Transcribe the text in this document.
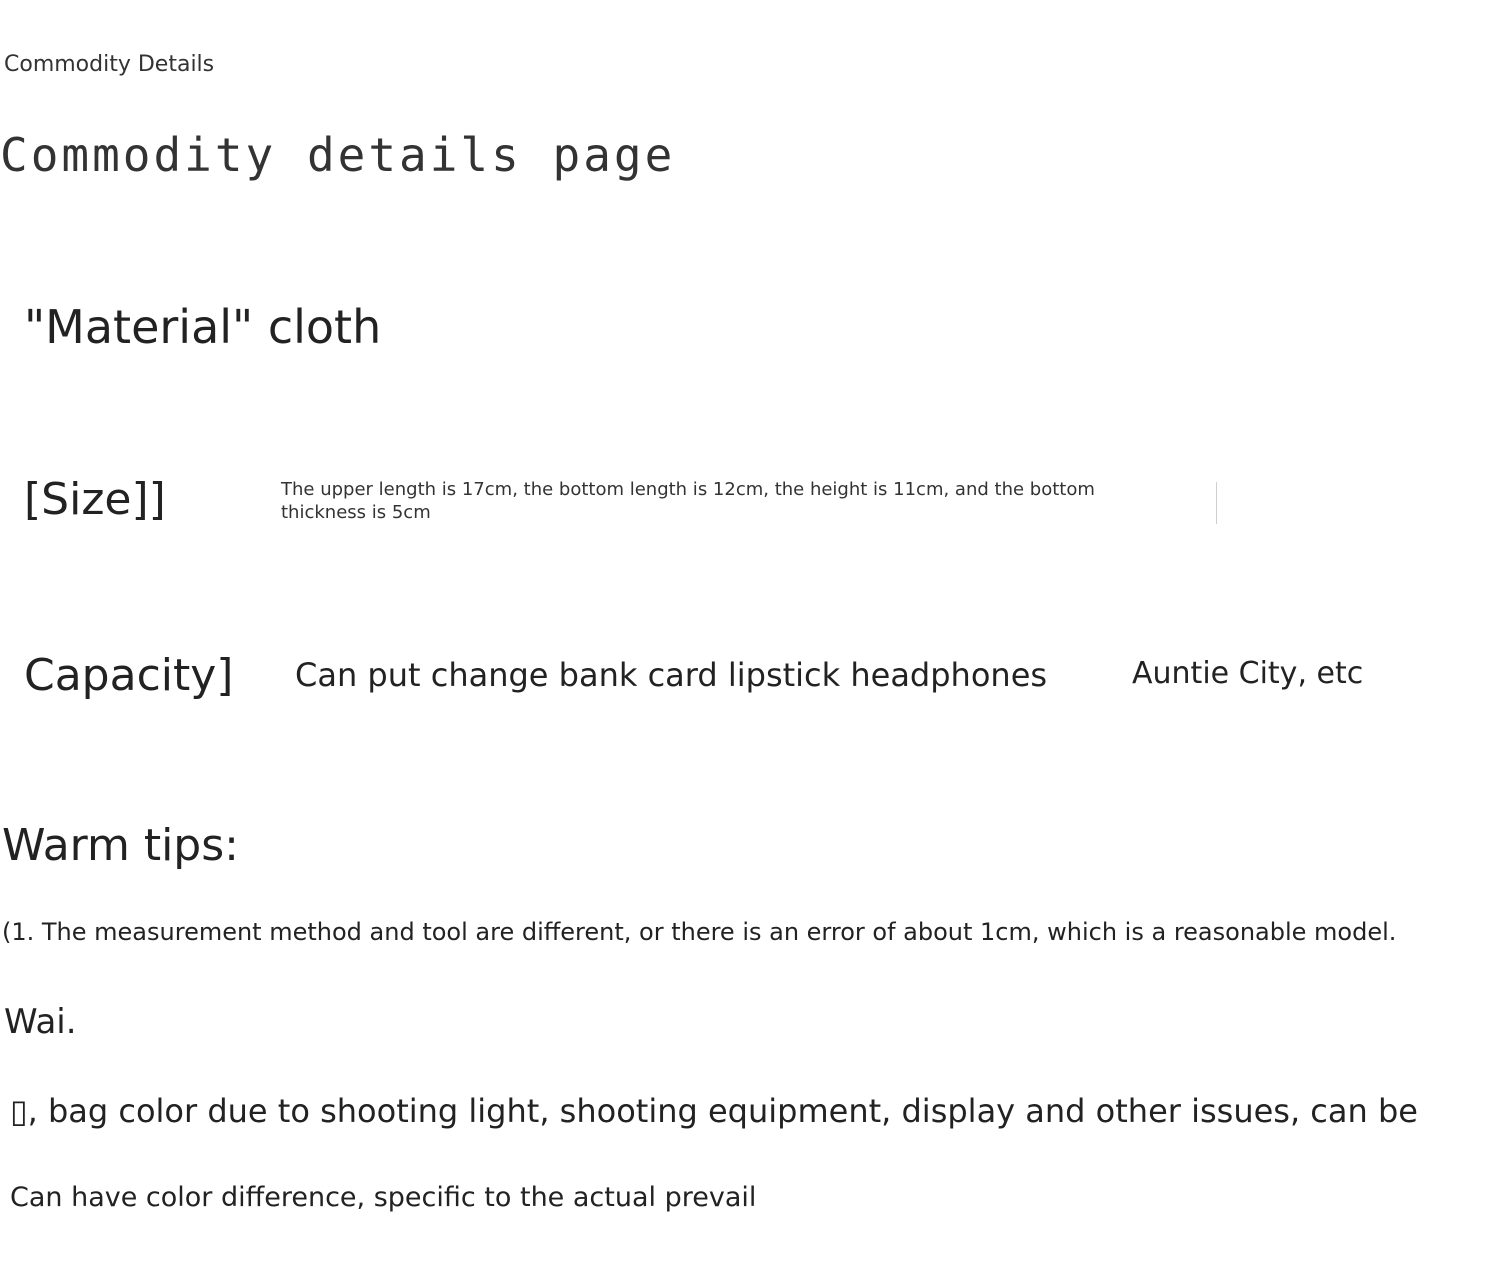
Commodity Details
Commodity details page
"Material" cloth
[Size]]	The upper length is 17cm, the bottom length is 12cm, the height is 11cm, and the bottom thickness is 5cm
Capacity] Can put change bank card lipstick headphones	Auntie City, etc
Warm tips:
(1. The measurement method and tool are different, or there is an error of about 1cm, which is a reasonable model.
Wai.
▯, bag color due to shooting light, shooting equipment, display and other issues, can be
Can have color difference, specific to the actual prevail
